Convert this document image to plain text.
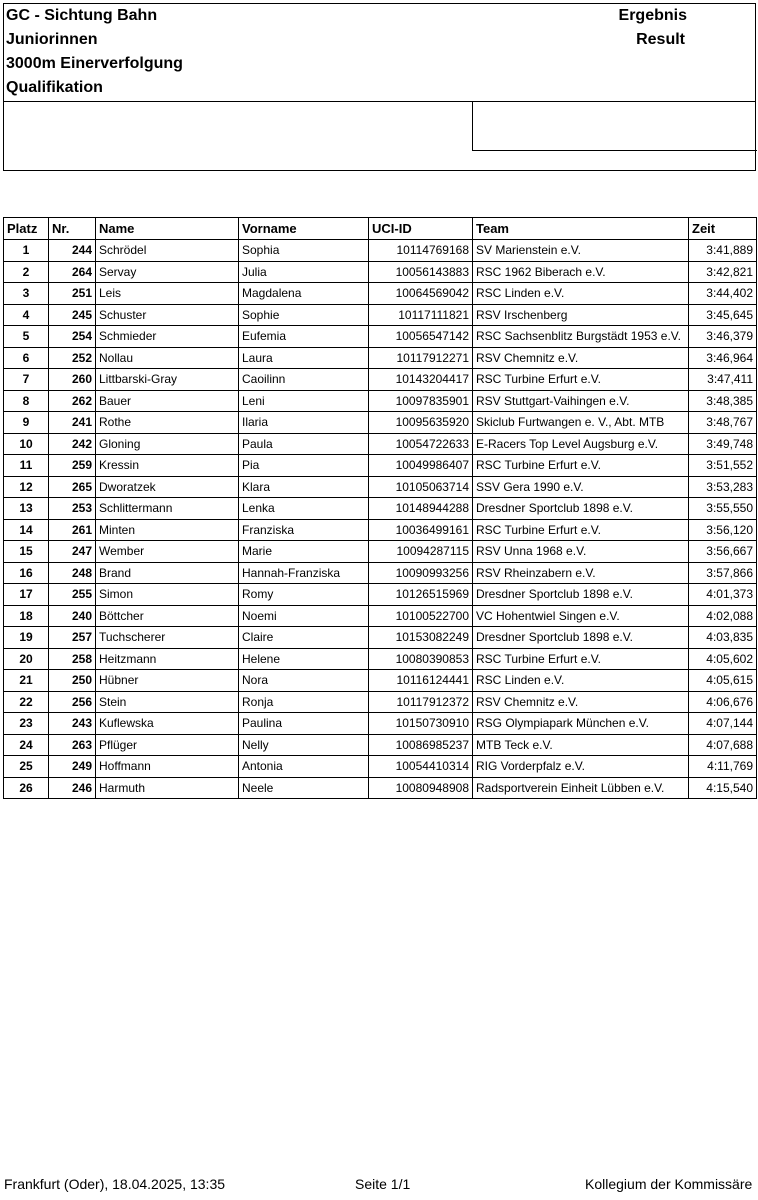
GC - Sichtung Bahn
Juniorinnen
3000m Einerverfolgung
Qualifikation
Ergebnis
Result
Platz	Nr.	Name	Vorname	UCI-ID	Team	Zeit
1	244	Schrödel	Sophia	10114769168	SV Marienstein e.V.	3:41,889
2	264	Servay	Julia	10056143883	RSC 1962 Biberach e.V.	3:42,821
3	251	Leis	Magdalena	10064569042	RSC Linden e.V.	3:44,402
4	245	Schuster	Sophie	10117111821	RSV Irschenberg	3:45,645
5	254	Schmieder	Eufemia	10056547142	RSC Sachsenblitz Burgstädt 1953 e.V.	3:46,379
6	252	Nollau	Laura	10117912271	RSV Chemnitz e.V.	3:46,964
7	260	Littbarski-Gray	Caoilinn	10143204417	RSC Turbine Erfurt e.V.	3:47,411
8	262	Bauer	Leni	10097835901	RSV Stuttgart-Vaihingen e.V.	3:48,385
9	241	Rothe	Ilaria	10095635920	Skiclub Furtwangen e. V., Abt. MTB	3:48,767
10	242	Gloning	Paula	10054722633	E-Racers Top Level Augsburg e.V.	3:49,748
11	259	Kressin	Pia	10049986407	RSC Turbine Erfurt e.V.	3:51,552
12	265	Dworatzek	Klara	10105063714	SSV Gera 1990 e.V.	3:53,283
13	253	Schlittermann	Lenka	10148944288	Dresdner Sportclub 1898 e.V.	3:55,550
14	261	Minten	Franziska	10036499161	RSC Turbine Erfurt e.V.	3:56,120
15	247	Wember	Marie	10094287115	RSV Unna 1968 e.V.	3:56,667
16	248	Brand	Hannah-Franziska	10090993256	RSV Rheinzabern e.V.	3:57,866
17	255	Simon	Romy	10126515969	Dresdner Sportclub 1898 e.V.	4:01,373
18	240	Böttcher	Noemi	10100522700	VC Hohentwiel Singen e.V.	4:02,088
19	257	Tuchscherer	Claire	10153082249	Dresdner Sportclub 1898 e.V.	4:03,835
20	258	Heitzmann	Helene	10080390853	RSC Turbine Erfurt e.V.	4:05,602
21	250	Hübner	Nora	10116124441	RSC Linden e.V.	4:05,615
22	256	Stein	Ronja	10117912372	RSV Chemnitz e.V.	4:06,676
23	243	Kuflewska	Paulina	10150730910	RSG Olympiapark München e.V.	4:07,144
24	263	Pflüger	Nelly	10086985237	MTB Teck e.V.	4:07,688
25	249	Hoffmann	Antonia	10054410314	RIG Vorderpfalz e.V.	4:11,769
26	246	Harmuth	Neele	10080948908	Radsportverein Einheit Lübben e.V.	4:15,540
Frankfurt (Oder), 18.04.2025, 13:35	Seite 1/1	Kollegium der Kommissäre
